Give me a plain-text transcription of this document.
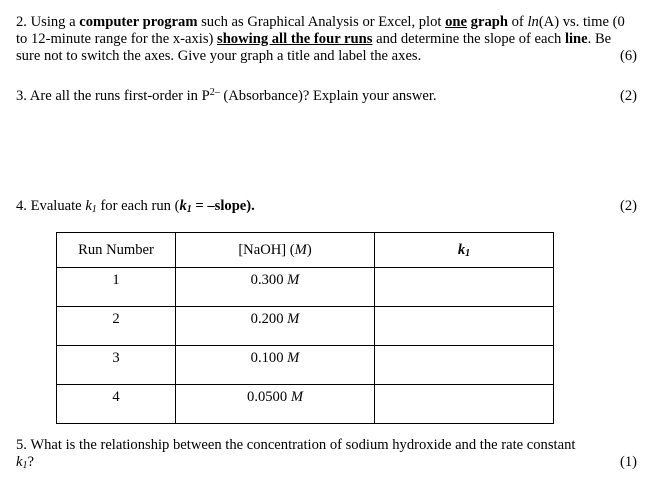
2. Using a computer program such as Graphical Analysis or Excel, plot one graph of ln(A) vs. time (0 to 12-minute range for the x-axis) showing all the four runs and determine the slope of each line. Be sure not to switch the axes. Give your graph a title and label the axes.	(6)
3. Are all the runs first-order in $P^{2-}$ (Absorbance)? Explain your answer.	(2)
4. Evaluate $k_1$ for each run ($k_1$ = –slope).	(2)
Run Number	[NaOH] (M)	$k_1$
1	0.300 M	
2	0.200 M	
3	0.100 M	
4	0.0500 M	
5. What is the relationship between the concentration of sodium hydroxide and the rate constant
$k_1$?	(1)
